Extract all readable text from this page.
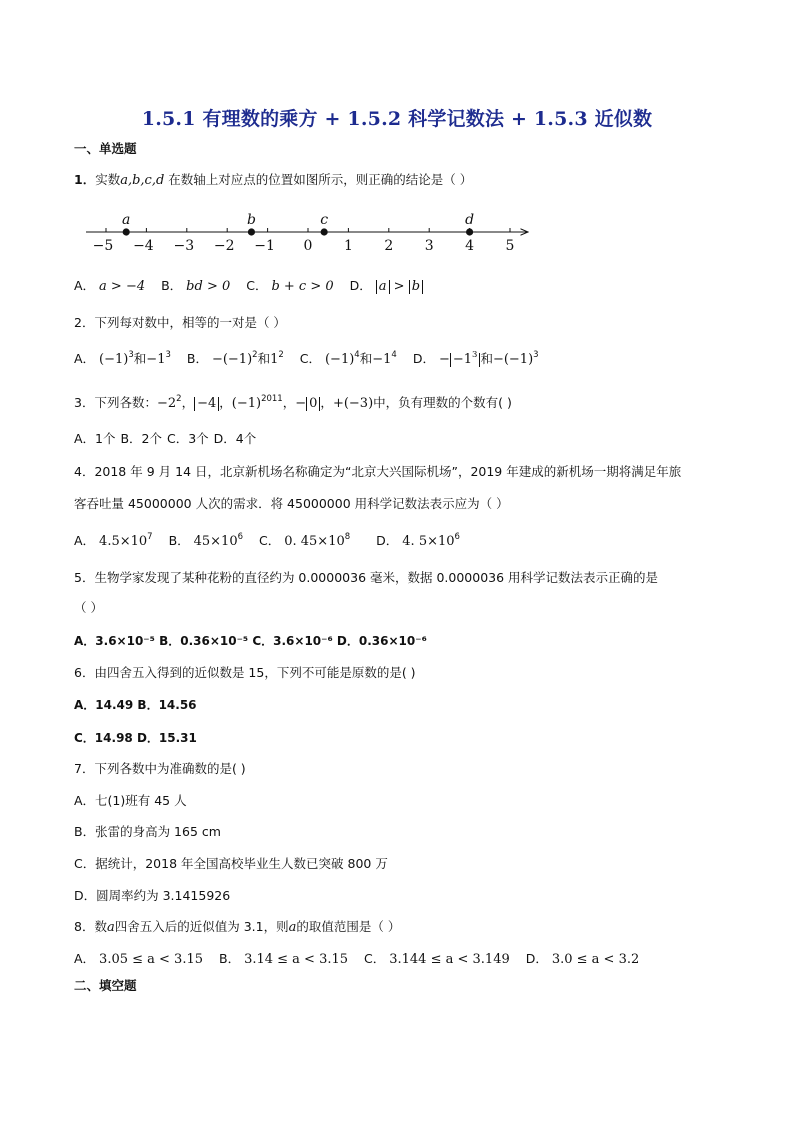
1.5.1 有理数的乘方 + 1.5.2 科学记数法 + 1.5.3 近似数
一、单选题
1．实数a,b,c,d 在数轴上对应点的位置如图所示，则正确的结论是（ ）
−5 −4 −3 −2 −1 0 1 2 3 4 5
a	b	c	d
A． a > −4 B． bd > 0 C． b + c > 0 D． a > b
2．下列每对数中，相等的一对是（ ）
A． $(-1)^3$和$-1^3$ B． $-(-1)^2$和$1^2$ C． $(-1)^4$和$-1^4$ D． − $-1^3$ 和$-(-1)^3$
3．下列各数：$-2^2$， −4 ，$(-1)^{2011}$，− 0 ，+(−3)中，负有理数的个数有( )
A．1个 B．2个 C．3个 D．4个
4．2018 年 9 月 14 日，北京新机场名称确定为“北京大兴国际机场”，2019 年建成的新机场一期将满足年旅
客吞吐量 45000000 人次的需求．将 45000000 用科学记数法表示应为（ ）
A． $4.5\times 10^7$ B． $45\times 10^6$ C． 0. $45\times 10^8$ D． 4. $5\times 10^6$
5．生物学家发现了某种花粉的直径约为 0.0000036 毫米，数据 0.0000036 用科学记数法表示正确的是
（ ）
A．3.6×10⁻⁵ B．0.36×10⁻⁵ C．3.6×10⁻⁶ D．0.36×10⁻⁶
6．由四舍五入得到的近似数是 15，下列不可能是原数的是( )
A．14.49 B．14.56
C．14.98 D．15.31
7．下列各数中为准确数的是( )
A．七(1)班有 45 人
B．张雷的身高为 165 cm
C．据统计，2018 年全国高校毕业生人数已突破 800 万
D．圆周率约为 3.1415926
8．数a四舍五入后的近似值为 3.1，则a的取值范围是（ ）
A． 3.05 ≤ a < 3.15 B． 3.14 ≤ a < 3.15 C． 3.144 ≤ a < 3.149 D． 3.0 ≤ a < 3.2
二、填空题
